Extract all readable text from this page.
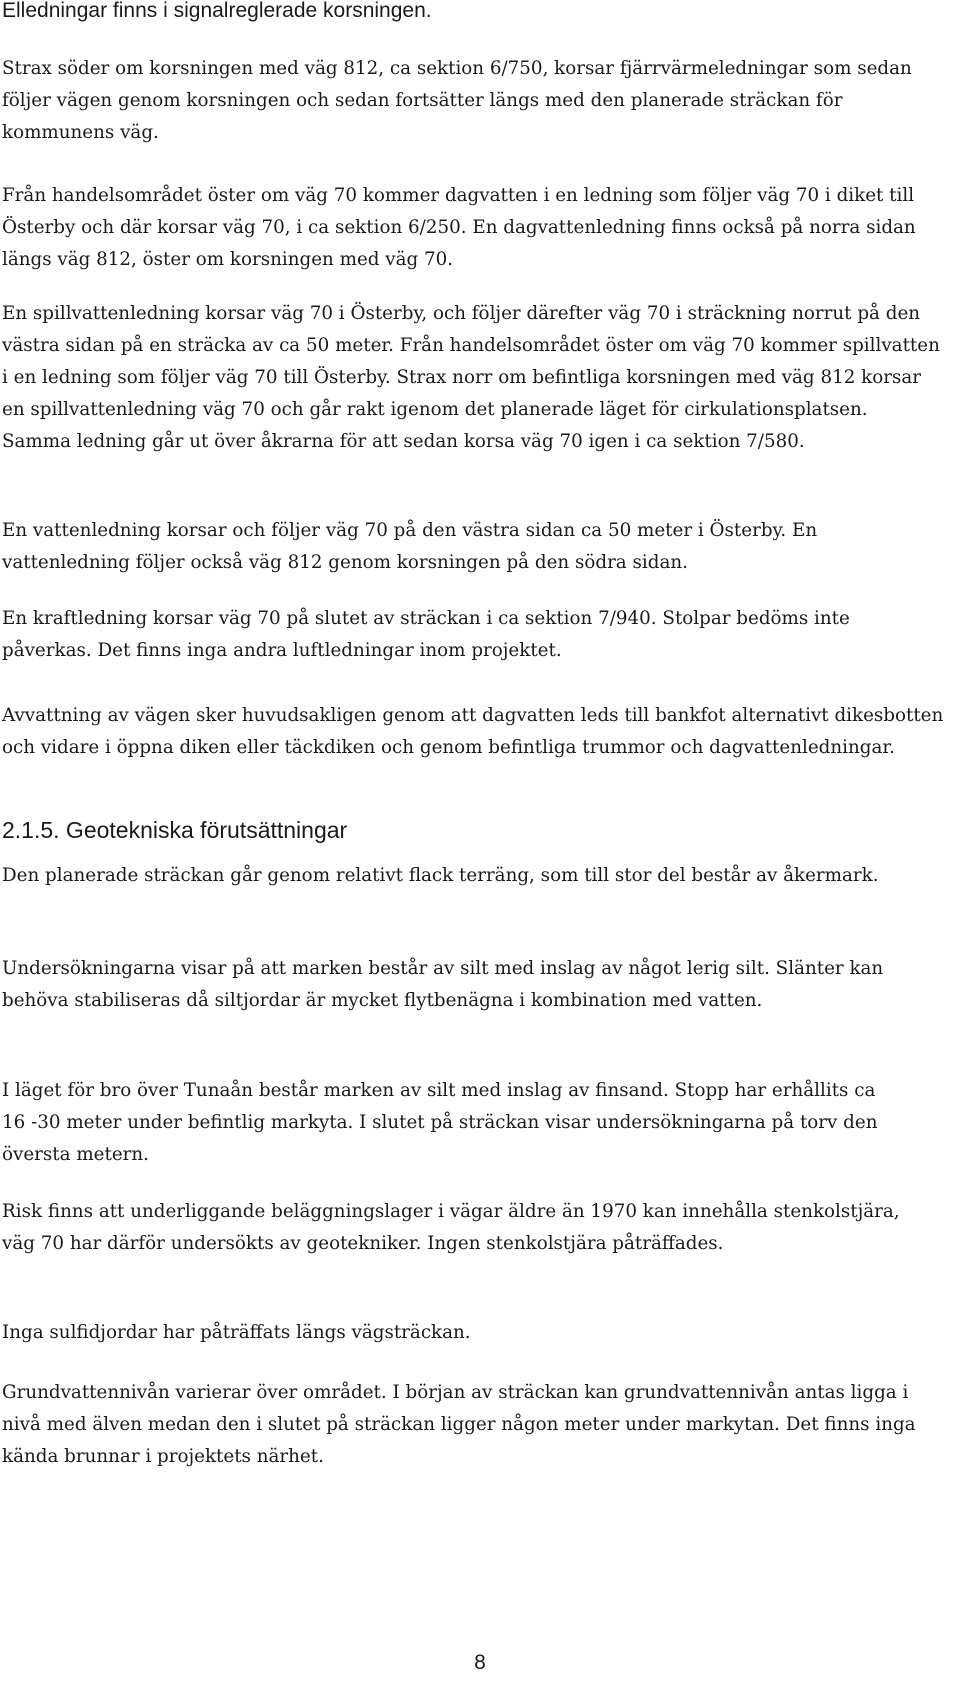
Elledningar finns i signalreglerade korsningen.

Strax söder om korsningen med väg 812, ca sektion 6/750, korsar fjärrvärmeledningar som sedan följer vägen genom korsningen och sedan fortsätter längs med den planerade sträckan för kommunens väg.

Från handelsområdet öster om väg 70 kommer dagvatten i en ledning som följer väg 70 i diket till Österby och där korsar väg 70, i ca sektion 6/250. En dagvattenledning finns också på norra sidan längs väg 812, öster om korsningen med väg 70.

En spillvattenledning korsar väg 70 i Österby, och följer därefter väg 70 i sträckning norrut på den västra sidan på en sträcka av ca 50 meter. Från handelsområdet öster om väg 70 kommer spillvatten i en ledning som följer väg 70 till Österby. Strax norr om befintliga korsningen med väg 812 korsar en spillvattenledning väg 70 och går rakt igenom det planerade läget för cirkulationsplatsen. Samma ledning går ut över åkrarna för att sedan korsa väg 70 igen i ca sektion 7/580.

En vattenledning korsar och följer väg 70 på den västra sidan ca 50 meter i Österby. En vattenledning följer också väg 812 genom korsningen på den södra sidan.

En kraftledning korsar väg 70 på slutet av sträckan i ca sektion 7/940. Stolpar bedöms inte påverkas. Det finns inga andra luftledningar inom projektet.

Avvattning av vägen sker huvudsakligen genom att dagvatten leds till bankfot alternativt dikesbotten och vidare i öppna diken eller täckdiken och genom befintliga trummor och dagvattenledningar.

2.1.5. Geotekniska förutsättningar

Den planerade sträckan går genom relativt flack terräng, som till stor del består av åkermark.

Undersökningarna visar på att marken består av silt med inslag av något lerig silt. Slänter kan behöva stabiliseras då siltjordar är mycket flytbenägna i kombination med vatten.

I läget för bro över Tunaån består marken av silt med inslag av finsand. Stopp har erhållits ca 16 -30 meter under befintlig markyta. I slutet på sträckan visar undersökningarna på torv den översta metern.

Risk finns att underliggande beläggningslager i vägar äldre än 1970 kan innehålla stenkolstjära, väg 70 har därför undersökts av geotekniker. Ingen stenkolstjära påträffades.

Inga sulfidjordar har påträffats längs vägsträckan.

Grundvattennivån varierar över området. I början av sträckan kan grundvattennivån antas ligga i nivå med älven medan den i slutet på sträckan ligger någon meter under markytan. Det finns inga kända brunnar i projektets närhet.

8
